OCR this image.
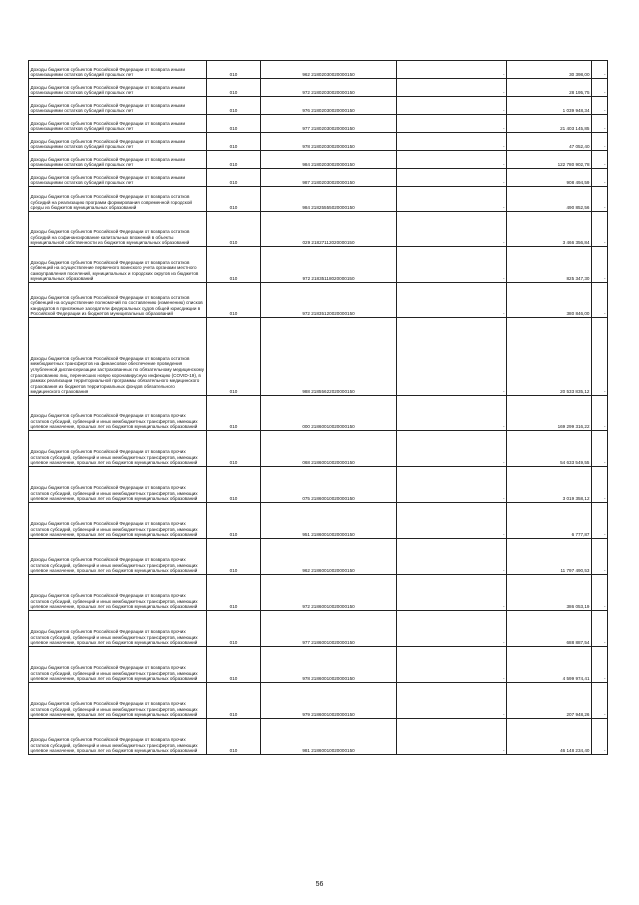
Доходы бюджетов субъектов Российской Федерации от возврата иными организациями остатков субсидий прошлых лет	010	962 21802030020000150	-	30 398,00	-
Доходы бюджетов субъектов Российской Федерации от возврата иными организациями остатков субсидий прошлых лет	010	972 21802030020000150	-	28 195,75	-
Доходы бюджетов субъектов Российской Федерации от возврата иными организациями остатков субсидий прошлых лет	010	976 21802030020000150	-	1 039 948,34	-
Доходы бюджетов субъектов Российской Федерации от возврата иными организациями остатков субсидий прошлых лет	010	977 21802030020000150	-	21 403 145,85	-
Доходы бюджетов субъектов Российской Федерации от возврата иными организациями остатков субсидий прошлых лет	010	978 21802030020000150	-	47 052,40	-
Доходы бюджетов субъектов Российской Федерации от возврата иными организациями остатков субсидий прошлых лет	010	984 21802030020000150	-	122 780 902,78	-
Доходы бюджетов субъектов Российской Федерации от возврата иными организациями остатков субсидий прошлых лет	010	987 21802030020000150	-	908 494,59	-
Доходы бюджетов субъектов Российской Федерации от возврата остатков субсидий на реализацию программ формирования современной городской среды из бюджетов муниципальных образований	010	984 21825555020000150	-	490 852,56	-
Доходы бюджетов субъектов Российской Федерации от возврата остатков субсидий на софинансирование капитальных вложений в объекты муниципальной собственности из бюджетов муниципальных образований	010	029 21827112020000150	-	3 466 356,84	-
Доходы бюджетов субъектов Российской Федерации от возврата остатков субвенций на осуществление первичного воинского учета органами местного самоуправления поселений, муниципальных и городских округов из бюджетов муниципальных образований	010	972 21835118020000150	-	825 347,30	-
Доходы бюджетов субъектов Российской Федерации от возврата остатков субвенций на осуществление полномочий по составлению (изменению) списков кандидатов в присяжные заседатели федеральных судов общей юрисдикции в Российской Федерации из бюджетов муниципальных образований	010	972 21835120020000150	-	380 846,00	-
Доходы бюджетов субъектов Российской Федерации от возврата остатков межбюджетных трансфертов на финансовое обеспечение проведения углубленной диспансеризации застрахованных по обязательному медицинскому страхованию лиц, перенесших новую коронавирусную инфекцию (COVID-19), в рамках реализации территориальной программы обязательного медицинского страхования из бюджетов территориальных фондов обязательного медицинского страхования	010	988 21855622020000150	-	20 533 835,12	-
Доходы бюджетов субъектов Российской Федерации от возврата прочих остатков субсидий, субвенций и иных межбюджетных трансфертов, имеющих целевое назначение, прошлых лет из бюджетов муниципальных образований	010	000 21860010020000150	-	169 299 316,22	-
Доходы бюджетов субъектов Российской Федерации от возврата прочих остатков субсидий, субвенций и иных межбюджетных трансфертов, имеющих целевое назначение, прошлых лет из бюджетов муниципальных образований	010	068 21860010020000150	-	54 633 549,55	-
Доходы бюджетов субъектов Российской Федерации от возврата прочих остатков субсидий, субвенций и иных межбюджетных трансфертов, имеющих целевое назначение, прошлых лет из бюджетов муниципальных образований	010	075 21860010020000150	-	3 019 358,12	-
Доходы бюджетов субъектов Российской Федерации от возврата прочих остатков субсидий, субвенций и иных межбюджетных трансфертов, имеющих целевое назначение, прошлых лет из бюджетов муниципальных образований	010	951 21860010020000150	-	6 777,87	-
Доходы бюджетов субъектов Российской Федерации от возврата прочих остатков субсидий, субвенций и иных межбюджетных трансфертов, имеющих целевое назначение, прошлых лет из бюджетов муниципальных образований	010	962 21860010020000150	-	11 797 490,53	-
Доходы бюджетов субъектов Российской Федерации от возврата прочих остатков субсидий, субвенций и иных межбюджетных трансфертов, имеющих целевое назначение, прошлых лет из бюджетов муниципальных образований	010	972 21860010020000150	-	386 053,19	-
Доходы бюджетов субъектов Российской Федерации от возврата прочих остатков субсидий, субвенций и иных межбюджетных трансфертов, имеющих целевое назначение, прошлых лет из бюджетов муниципальных образований	010	977 21860010020000150	-	688 887,54	-
Доходы бюджетов субъектов Российской Федерации от возврата прочих остатков субсидий, субвенций и иных межбюджетных трансфертов, имеющих целевое назначение, прошлых лет из бюджетов муниципальных образований	010	978 21860010020000150	-	4 599 974,41	-
Доходы бюджетов субъектов Российской Федерации от возврата прочих остатков субсидий, субвенций и иных межбюджетных трансфертов, имеющих целевое назначение, прошлых лет из бюджетов муниципальных образований	010	979 21860010020000150	-	207 948,26	-
Доходы бюджетов субъектов Российской Федерации от возврата прочих остатков субсидий, субвенций и иных межбюджетных трансфертов, имеющих целевое назначение, прошлых лет из бюджетов муниципальных образований	010	981 21860010020000150	-	46 148 234,40	-
56
